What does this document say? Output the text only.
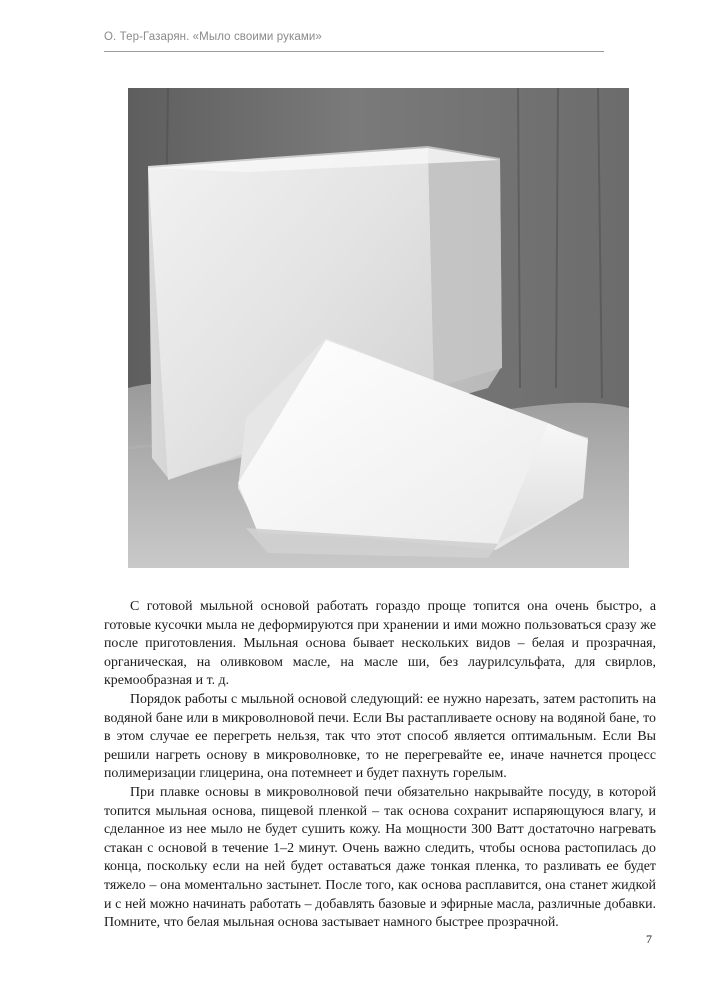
О. Тер-Газарян. «Мыло своими руками»

С готовой мыльной основой работать гораздо проще топится она очень быстро, а готовые кусочки мыла не деформируются при хранении и ими можно пользоваться сразу же после приготовления. Мыльная основа бывает нескольких видов – белая и прозрачная, органическая, на оливковом масле, на масле ши, без лаурилсульфата, для свирлов, кремообразная и т. д.

Порядок работы с мыльной основой следующий: ее нужно нарезать, затем растопить на водяной бане или в микроволновой печи. Если Вы растапливаете основу на водяной бане, то в этом случае ее перегреть нельзя, так что этот способ является оптимальным. Если Вы решили нагреть основу в микроволновке, то не перегревайте ее, иначе начнется процесс полимеризации глицерина, она потемнеет и будет пахнуть горелым.

При плавке основы в микроволновой печи обязательно накрывайте посуду, в которой топится мыльная основа, пищевой пленкой – так основа сохранит испаряющуюся влагу, и сделанное из нее мыло не будет сушить кожу. На мощности 300 Ватт достаточно нагревать стакан с основой в течение 1–2 минут. Очень важно следить, чтобы основа растопилась до конца, поскольку если на ней будет оставаться даже тонкая пленка, то разливать ее будет тяжело – она моментально застынет. После того, как основа расплавится, она станет жидкой и с ней можно начинать работать – добавлять базовые и эфирные масла, различные добавки. Помните, что белая мыльная основа застывает намного быстрее прозрачной.

7
